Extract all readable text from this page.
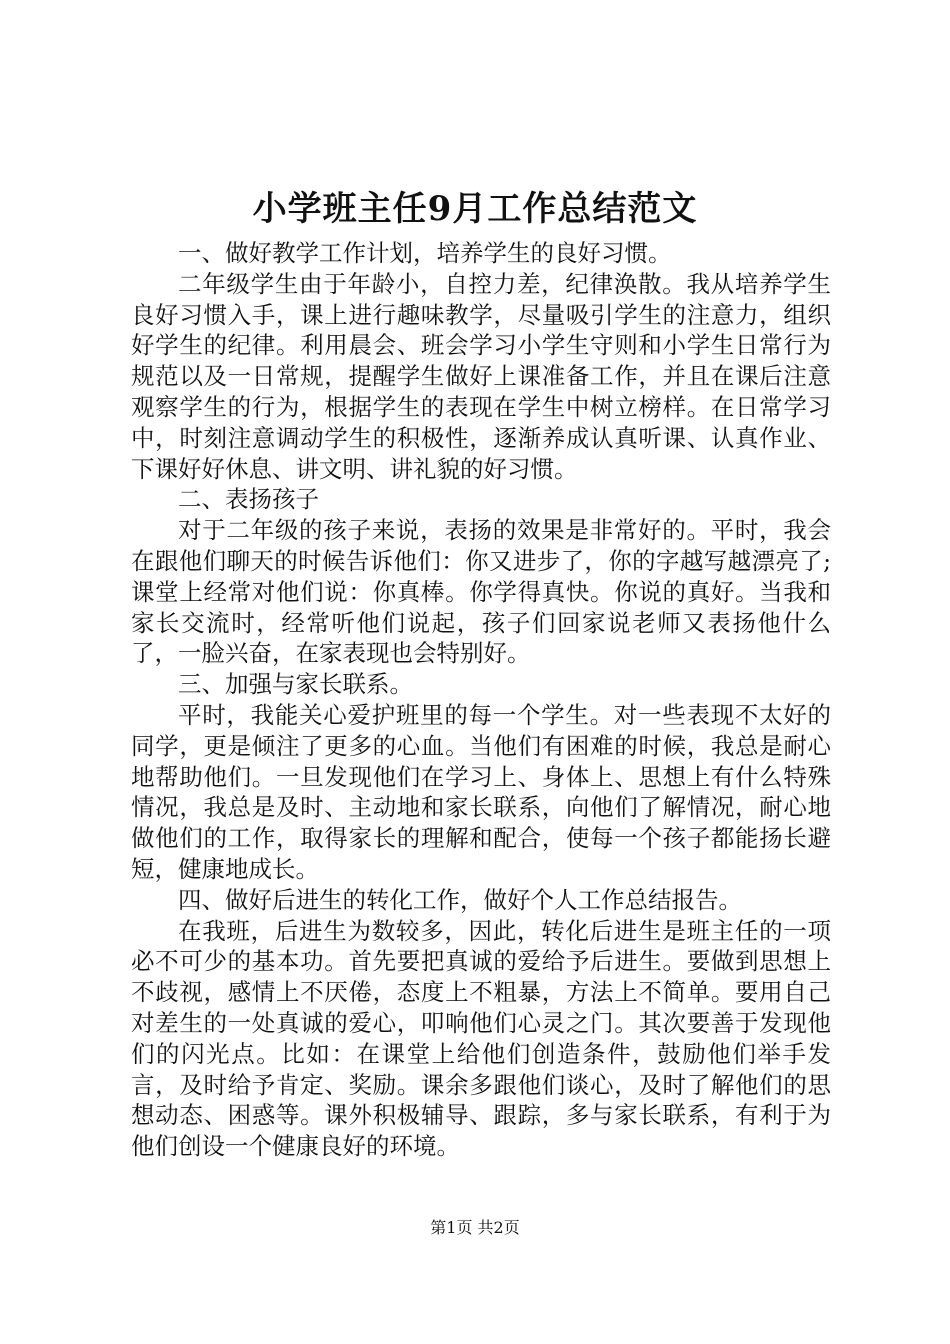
小学班主任9月工作总结范文

一、做好教学工作计划，培养学生的良好习惯。

二年级学生由于年龄小，自控力差，纪律涣散。我从培养学生良好习惯入手，课上进行趣味教学，尽量吸引学生的注意力，组织好学生的纪律。利用晨会、班会学习小学生守则和小学生日常行为规范以及一日常规，提醒学生做好上课准备工作，并且在课后注意观察学生的行为，根据学生的表现在学生中树立榜样。在日常学习中，时刻注意调动学生的积极性，逐渐养成认真听课、认真作业、下课好好休息、讲文明、讲礼貌的好习惯。

二、表扬孩子

对于二年级的孩子来说，表扬的效果是非常好的。平时，我会在跟他们聊天的时候告诉他们：你又进步了，你的字越写越漂亮了;课堂上经常对他们说：你真棒。你学得真快。你说的真好。当我和家长交流时，经常听他们说起，孩子们回家说老师又表扬他什么了，一脸兴奋，在家表现也会特别好。

三、加强与家长联系。

平时，我能关心爱护班里的每一个学生。对一些表现不太好的同学，更是倾注了更多的心血。当他们有困难的时候，我总是耐心地帮助他们。一旦发现他们在学习上、身体上、思想上有什么特殊情况，我总是及时、主动地和家长联系，向他们了解情况，耐心地做他们的工作，取得家长的理解和配合，使每一个孩子都能扬长避短，健康地成长。

四、做好后进生的转化工作，做好个人工作总结报告。

在我班，后进生为数较多，因此，转化后进生是班主任的一项必不可少的基本功。首先要把真诚的爱给予后进生。要做到思想上不歧视，感情上不厌倦，态度上不粗暴，方法上不简单。要用自己对差生的一处真诚的爱心，叩响他们心灵之门。其次要善于发现他们的闪光点。比如：在课堂上给他们创造条件，鼓励他们举手发言，及时给予肯定、奖励。课余多跟他们谈心，及时了解他们的思想动态、困惑等。课外积极辅导、跟踪，多与家长联系，有利于为他们创设一个健康良好的环境。

第1页 共2页
